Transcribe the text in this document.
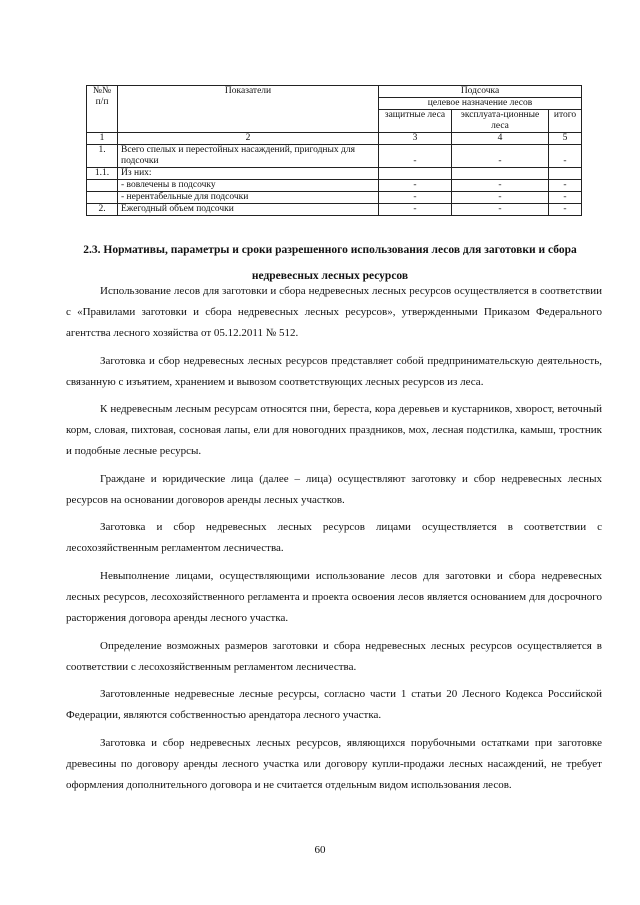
№№ п/п	Показатели	Подсочка		
		целевое назначение лесов		
		защитные леса	эксплуата-ционные леса	итого
1	2	3	4	5
1.	Всего спелых и перестойных насаждений, пригодных для подсочки	-	-	-
1.1.	Из них:			
	- вовлечены в подсочку	-	-	-
	- нерентабельные для подсочки	-	-	-
2.	Ежегодный объем подсочки	-	-	-
2.3. Нормативы, параметры и сроки разрешенного использования лесов для заготовки и сбора недревесных лесных ресурсов

Использование лесов для заготовки и сбора недревесных лесных ресурсов осуществляется в соответствии с «Правилами заготовки и сбора недревесных лесных ресурсов», утвержденными Приказом Федерального агентства лесного хозяйства от 05.12.2011 № 512.

Заготовка и сбор недревесных лесных ресурсов представляет собой предпринимательскую деятельность, связанную с изъятием, хранением и вывозом соответствующих лесных ресурсов из леса.

К недревесным лесным ресурсам относятся пни, береста, кора деревьев и кустарников, хворост, веточный корм, словая, пихтовая, сосновая лапы, ели для новогодних праздников, мох, лесная подстилка, камыш, тростник и подобные лесные ресурсы.

Граждане и юридические лица (далее – лица) осуществляют заготовку и сбор недревесных лесных ресурсов на основании договоров аренды лесных участков.

Заготовка и сбор недревесных лесных ресурсов лицами осуществляется в соответствии с лесохозяйственным регламентом лесничества.

Невыполнение лицами, осуществляющими использование лесов для заготовки и сбора недревесных лесных ресурсов, лесохозяйственного регламента и проекта освоения лесов является основанием для досрочного расторжения договора аренды лесного участка.

Определение возможных размеров заготовки и сбора недревесных лесных ресурсов осуществляется в соответствии с лесохозяйственным регламентом лесничества.

Заготовленные недревесные лесные ресурсы, согласно части 1 статьи 20 Лесного Кодекса Российской Федерации, являются собственностью арендатора лесного участка.

Заготовка и сбор недревесных лесных ресурсов, являющихся порубочными остатками при заготовке древесины по договору аренды лесного участка или договору купли-продажи лесных насаждений, не требует оформления дополнительного договора и не считается отдельным видом использования лесов.

60
